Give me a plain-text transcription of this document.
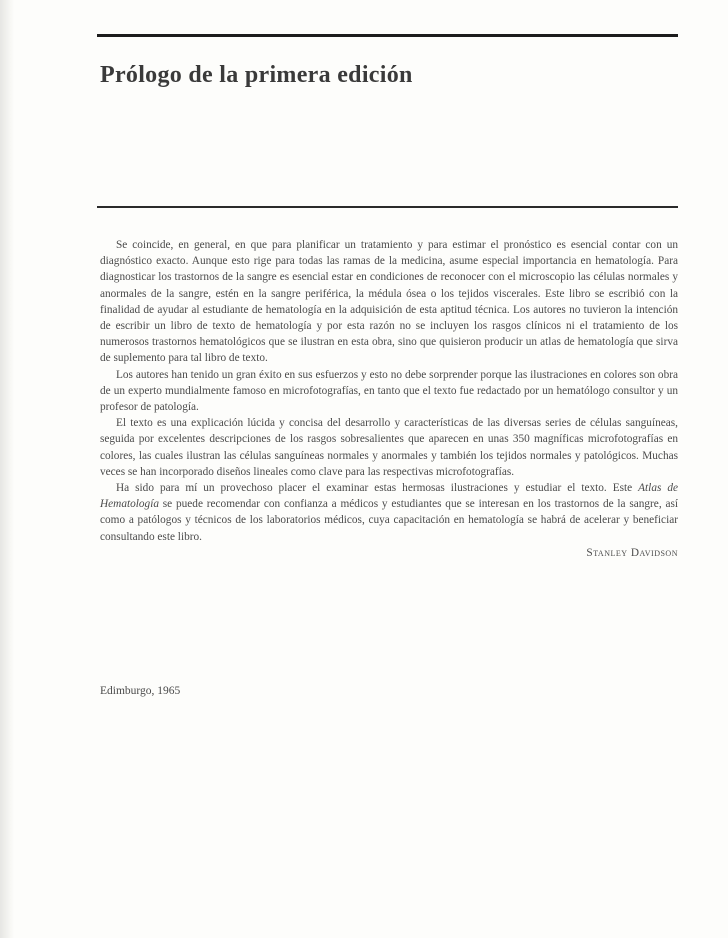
Prólogo de la primera edición

Se coincide, en general, en que para planificar un tratamiento y para estimar el pronóstico es esencial contar con un diagnóstico exacto. Aunque esto rige para todas las ramas de la medicina, asume especial importancia en hematología. Para diagnosticar los trastornos de la sangre es esencial estar en condiciones de reconocer con el microscopio las células normales y anormales de la sangre, estén en la sangre periférica, la médula ósea o los tejidos viscerales. Este libro se escribió con la finalidad de ayudar al estudiante de hematología en la adquisición de esta aptitud técnica. Los autores no tuvieron la intención de escribir un libro de texto de hematología y por esta razón no se incluyen los rasgos clínicos ni el tratamiento de los numerosos trastornos hematológicos que se ilustran en esta obra, sino que quisieron producir un atlas de hematología que sirva de suplemento para tal libro de texto.

Los autores han tenido un gran éxito en sus esfuerzos y esto no debe sorprender porque las ilustraciones en colores son obra de un experto mundialmente famoso en microfotografías, en tanto que el texto fue redactado por un hematólogo consultor y un profesor de patología.

El texto es una explicación lúcida y concisa del desarrollo y características de las diversas series de células sanguíneas, seguida por excelentes descripciones de los rasgos sobresalientes que aparecen en unas 350 magníficas microfotografías en colores, las cuales ilustran las células sanguíneas normales y anormales y también los tejidos normales y patológicos. Muchas veces se han incorporado diseños lineales como clave para las respectivas microfotografías.

Ha sido para mí un provechoso placer el examinar estas hermosas ilustraciones y estudiar el texto. Este Atlas de Hematología se puede recomendar con confianza a médicos y estudiantes que se interesan en los trastornos de la sangre, así como a patólogos y técnicos de los laboratorios médicos, cuya capacitación en hematología se habrá de acelerar y beneficiar consultando este libro.

Stanley Davidson

Edimburgo, 1965
